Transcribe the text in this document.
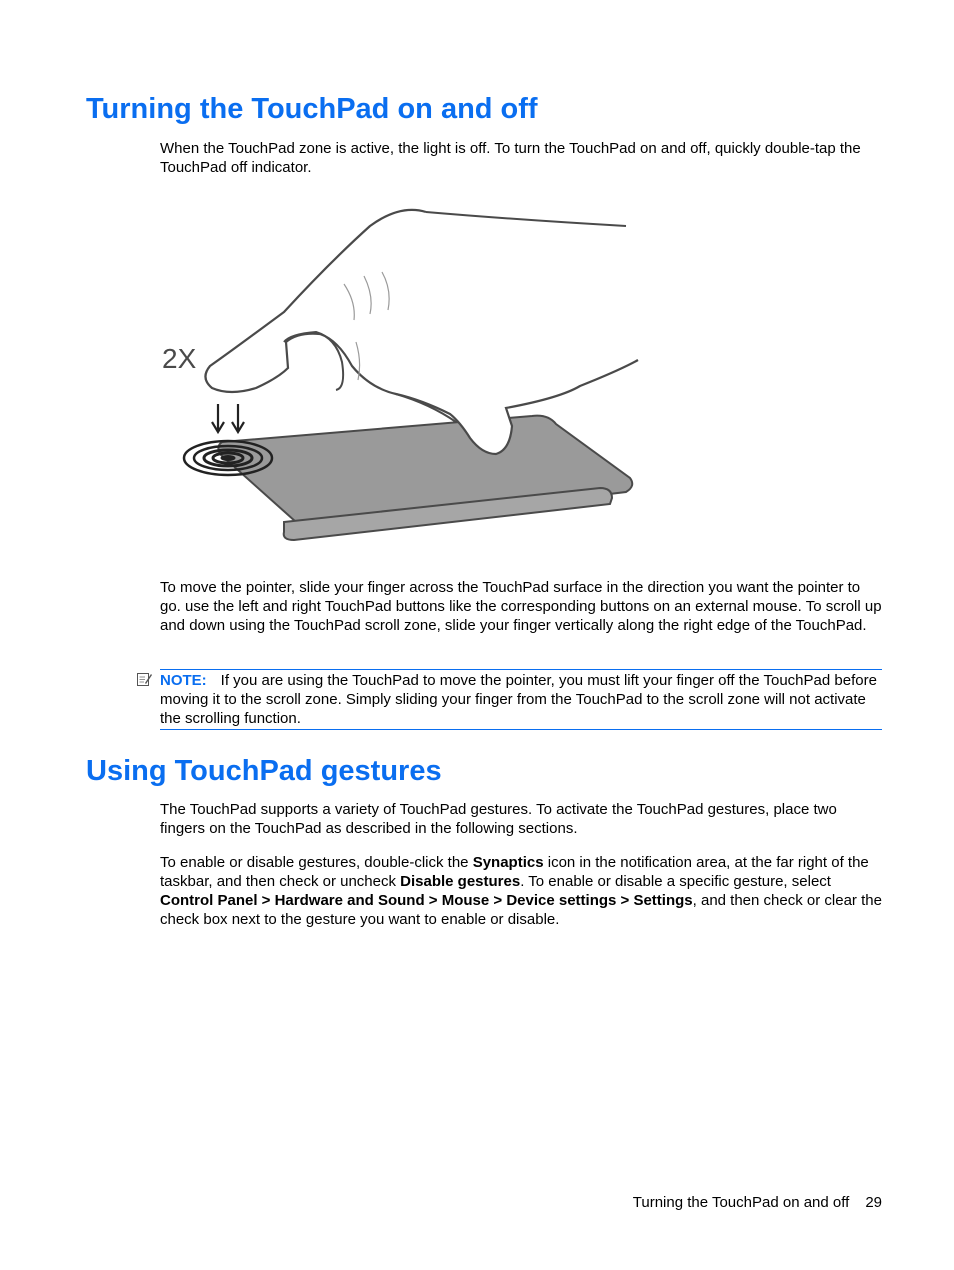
Turning the TouchPad on and off

When the TouchPad zone is active, the light is off. To turn the TouchPad on and off, quickly double-tap the TouchPad off indicator.

2X

To move the pointer, slide your finger across the TouchPad surface in the direction you want the pointer to go. use the left and right TouchPad buttons like the corresponding buttons on an external mouse. To scroll up and down using the TouchPad scroll zone, slide your finger vertically along the right edge of the TouchPad.

NOTE: If you are using the TouchPad to move the pointer, you must lift your finger off the TouchPad before moving it to the scroll zone. Simply sliding your finger from the TouchPad to the scroll zone will not activate the scrolling function.
Using TouchPad gestures

The TouchPad supports a variety of TouchPad gestures. To activate the TouchPad gestures, place two fingers on the TouchPad as described in the following sections.

To enable or disable gestures, double-click the Synaptics icon in the notification area, at the far right of the taskbar, and then check or uncheck Disable gestures. To enable or disable a specific gesture, select Control Panel > Hardware and Sound > Mouse > Device settings > Settings, and then check or clear the check box next to the gesture you want to enable or disable.

Turning the TouchPad on and off 29
